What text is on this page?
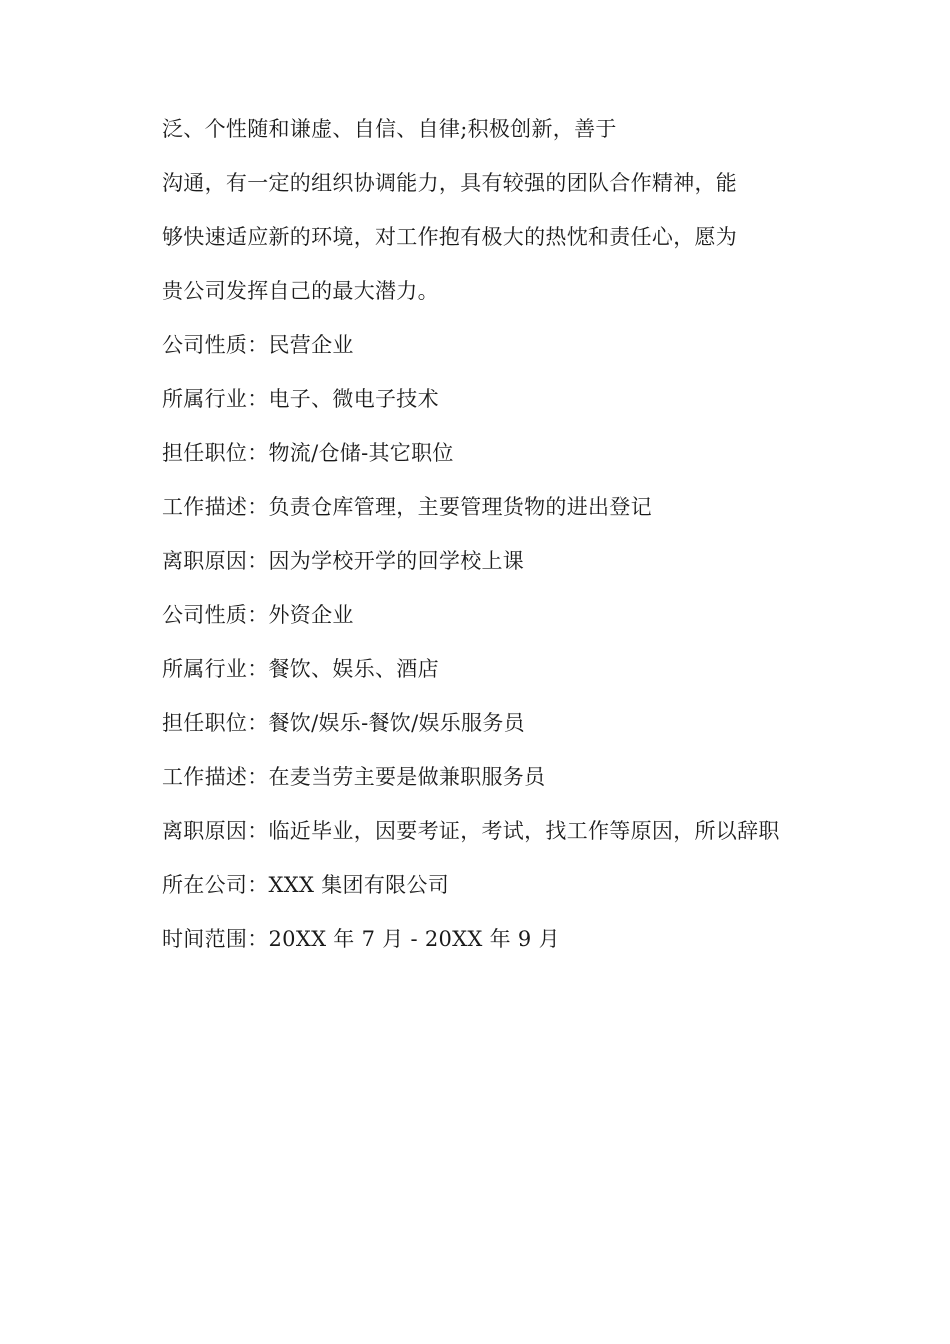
泛、个性随和谦虚、自信、自律;积极创新，善于
沟通，有一定的组织协调能力，具有较强的团队合作精神，能
够快速适应新的环境，对工作抱有极大的热忱和责任心，愿为
贵公司发挥自己的最大潜力。
公司性质：民营企业
所属行业：电子、微电子技术
担任职位：物流/仓储-其它职位
工作描述：负责仓库管理，主要管理货物的进出登记
离职原因：因为学校开学的回学校上课
公司性质：外资企业
所属行业：餐饮、娱乐、酒店
担任职位：餐饮/娱乐-餐饮/娱乐服务员
工作描述：在麦当劳主要是做兼职服务员
离职原因：临近毕业，因要考证，考试，找工作等原因，所以辞职
所在公司：XXX 集团有限公司
时间范围：20XX 年 7 月 - 20XX 年 9 月
